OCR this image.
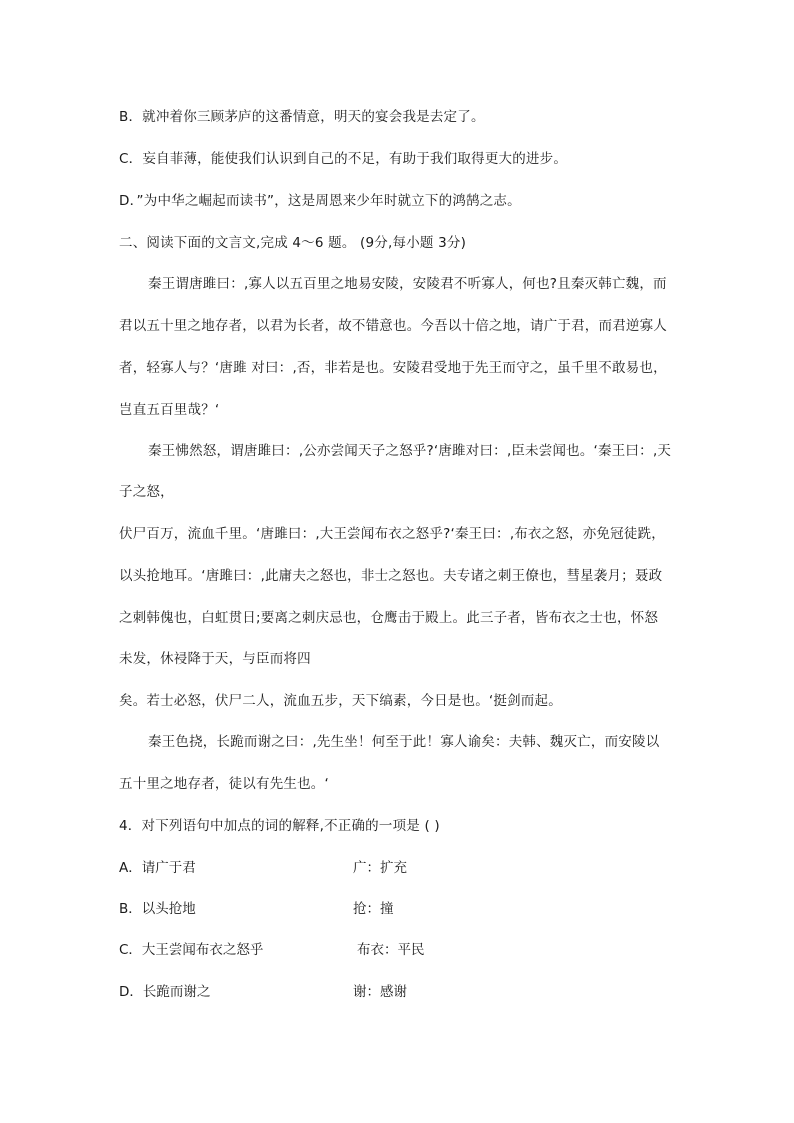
B．就冲着你三顾茅庐的这番情意，明天的宴会我是去定了。
C．妄自菲薄，能使我们认识到自己的不足，有助于我们取得更大的进步。
D．”为中华之崛起而读书”，这是周恩来少年时就立下的鸿鹄之志。
二、阅读下面的文言文,完成 4～6 题。 (9分,每小题 3分)
秦王谓唐雎曰：‚寡人以五百里之地易安陵，安陵君不听寡人，何也?且秦灭韩亡魏，而
君以五十里之地存者，以君为长者，故不错意也。今吾以十倍之地，请广于君，而君逆寡人
者，轻寡人与？‘唐雎 对曰：‚否，非若是也。安陵君受地于先王而守之，虽千里不敢易也，
岂直五百里哉？‘
秦王怫然怒，谓唐雎曰：‚公亦尝闻天子之怒乎?‘唐雎对曰：‚臣未尝闻也。‘秦王曰：‚天
子之怒，
伏尸百万，流血千里。‘唐雎曰：‚大王尝闻布衣之怒乎?‘秦王曰：‚布衣之怒，亦免冠徒跣，
以头抢地耳。‘唐雎曰：‚此庸夫之怒也，非士之怒也。夫专诸之刺王僚也，彗星袭月；聂政
之刺韩傀也，白虹贯日;要离之刺庆忌也，仓鹰击于殿上。此三子者，皆布衣之士也，怀怒
未发，休祲降于天，与臣而将四
矣。若士必怒，伏尸二人，流血五步，天下缟素，今日是也。‘挺剑而起。
秦王色挠，长跪而谢之曰：‚先生坐！何至于此！寡人谕矣：夫韩、魏灭亡，而安陵以
五十里之地存者，徒以有先生也。‘
4．对下列语句中加点的词的解释,不正确的一项是 ( )
A．请广于君	广：扩充
B．以头抢地	抢：撞
C．大王尝闻布衣之怒乎	布衣：平民
D．长跪而谢之	谢：感谢
